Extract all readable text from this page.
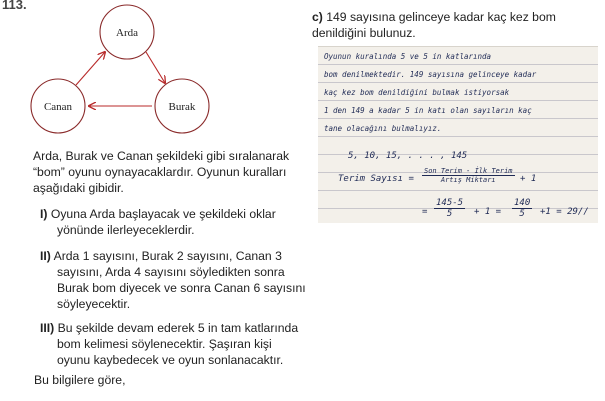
113.
Arda
Canan	Burak
Arda, Burak ve Canan şekildeki gibi sıralanarak “bom” oyunu oynayacaklardır. Oyunun kuralları aşağıdaki gibidir.
I) Oyuna Arda başlayacak ve şekildeki oklar
yönünde ilerleyeceklerdir.
II) Arda 1 sayısını, Burak 2 sayısını, Canan 3
sayısını, Arda 4 sayısını söyledikten sonra Burak bom diyecek ve sonra Canan 6 sayısını söyleyecektir.
III) Bu şekilde devam ederek 5 in tam katlarında
bom kelimesi söylenecektir. Şaşıran kişi oyunu kaybedecek ve oyun sonlanacaktır.
Bu bilgilere göre,
c) 149 sayısına gelinceye kadar kaç kez bom denildiğini bulunuz.
Oyunun kuralında 5 ve 5 in katlarında
bom denilmektedir. 149 sayısına gelinceye kadar
kaç kez bom denildiğini bulmak istiyorsak
1 den 149 a kadar 5 in katı olan sayıların kaç
tane olacağını bulmalıyız.
5, 10, 15, . . . , 145
Terim Sayısı =
Son Terim - İlk Terim
Artış Miktarı	+ 1
= $\frac{145-5}{5} + 1 = \frac{140}{5} +1 = 29//$
